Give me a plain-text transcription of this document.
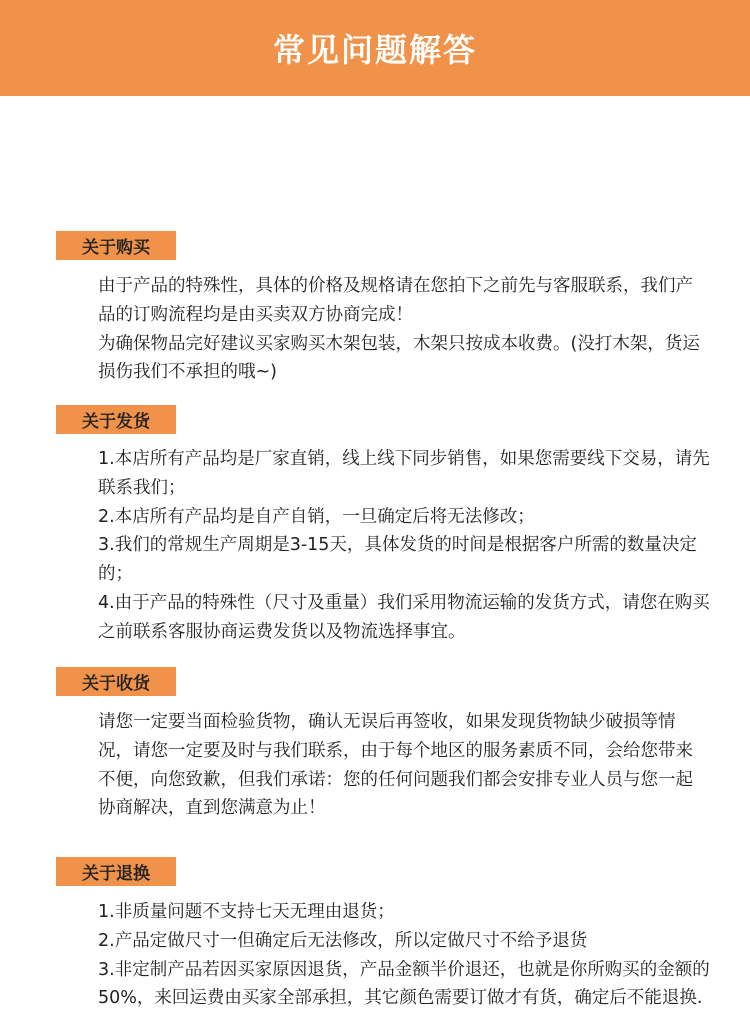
常见问题解答
关于购买
由于产品的特殊性，具体的价格及规格请在您拍下之前先与客服联系，我们产品的订购流程均是由买卖双方协商完成！
为确保物品完好建议买家购买木架包装，木架只按成本收费。(没打木架，货运损伤我们不承担的哦~)
关于发货
1.本店所有产品均是厂家直销，线上线下同步销售，如果您需要线下交易，请先联系我们；
2.本店所有产品均是自产自销，一旦确定后将无法修改；
3.我们的常规生产周期是3-15天，具体发货的时间是根据客户所需的数量决定的；
4.由于产品的特殊性（尺寸及重量）我们采用物流运输的发货方式，请您在购买之前联系客服协商运费发货以及物流选择事宜。
关于收货
请您一定要当面检验货物，确认无误后再签收，如果发现货物缺少破损等情况，请您一定要及时与我们联系，由于每个地区的服务素质不同，会给您带来不便，向您致歉，但我们承诺：您的任何问题我们都会安排专业人员与您一起协商解决，直到您满意为止！
关于退换
1.非质量问题不支持七天无理由退货；
2.产品定做尺寸一但确定后无法修改，所以定做尺寸不给予退货
3.非定制产品若因买家原因退货，产品金额半价退还，也就是你所购买的金额的50%，来回运费由买家全部承担，其它颜色需要订做才有货，确定后不能退换.
